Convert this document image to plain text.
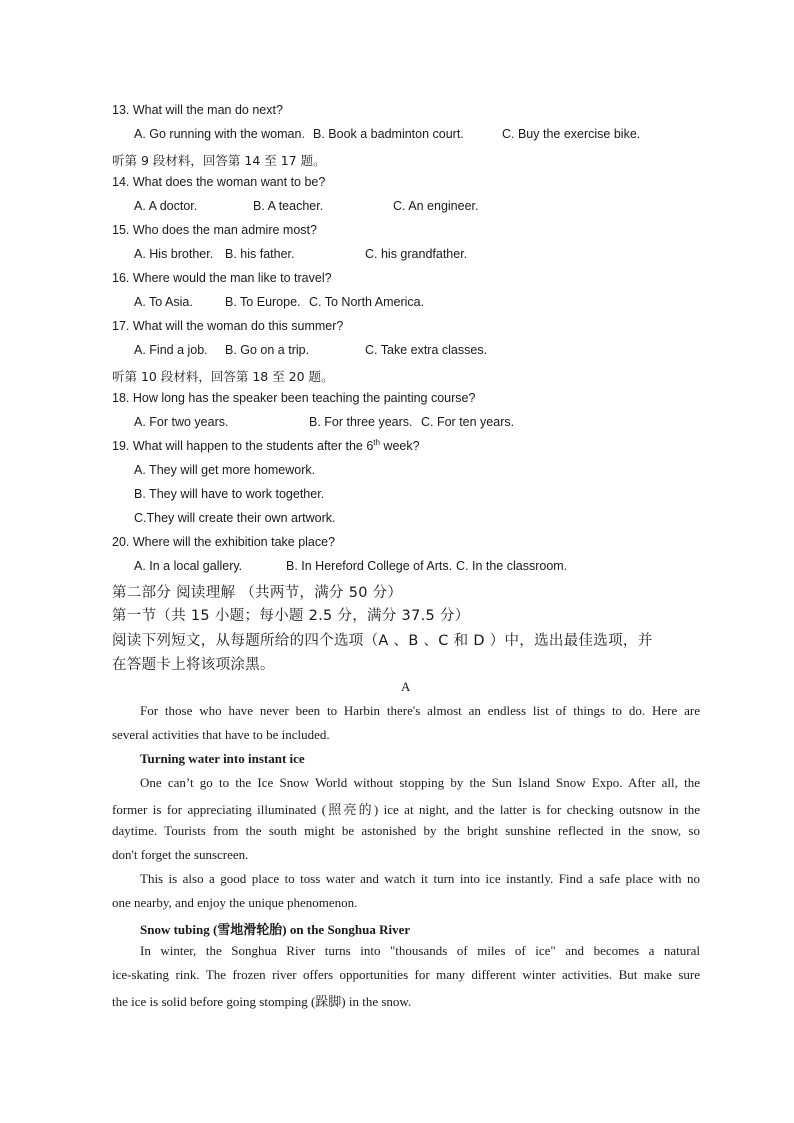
13. What will the man do next?
A. Go running with the woman. B. Book a badminton court.	C. Buy the exercise bike.
听第 9 段材料，回答第 14 至 17 题。
14. What does the woman want to be?
A. A doctor.	B. A teacher.	C. An engineer.
15. Who does the man admire most?
A. His brother. B. his father.	C. his grandfather.
16. Where would the man like to travel?
A. To Asia.	B. To Europe. C. To North America.
17. What will the woman do this summer?
A. Find a job. B. Go on a trip.	C. Take extra classes.
听第 10 段材料，回答第 18 至 20 题。
18. How long has the speaker been teaching the painting course?
A. For two years.	B. For three years. C. For ten years.
19. What will happen to the students after the 6th week?
A. They will get more homework.
B. They will have to work together.
C.They will create their own artwork.
20. Where will the exhibition take place?
A. In a local gallery.	B. In Hereford College of Arts. C. In the classroom.
第二部分 阅读理解 （共两节，满分 50 分）
第一节（共 15 小题；每小题 2.5 分，满分 37.5 分）
阅读下列短文，从每题所给的四个选项（A 、B 、C 和 D ）中，选出最佳选项，并
在答题卡上将该项涂黑。
A
For those who have never been to Harbin there's almost an endless list of things to do. Here are
several activities that have to be included.
Turning water into instant ice
One can’t go to the Ice Snow World without stopping by the Sun Island Snow Expo. After all, the
former is for appreciating illuminated (照亮的) ice at night, and the latter is for checking outsnow in the
daytime. Tourists from the south might be astonished by the bright sunshine reflected in the snow, so
don't forget the sunscreen.
This is also a good place to toss water and watch it turn into ice instantly. Find a safe place with no
one nearby, and enjoy the unique phenomenon.
Snow tubing (雪地滑轮胎) on the Songhua River
In winter, the Songhua River turns into "thousands of miles of ice" and becomes a natural
ice-skating rink. The frozen river offers opportunities for many different winter activities. But make sure
the ice is solid before going stomping (跺脚) in the snow.
